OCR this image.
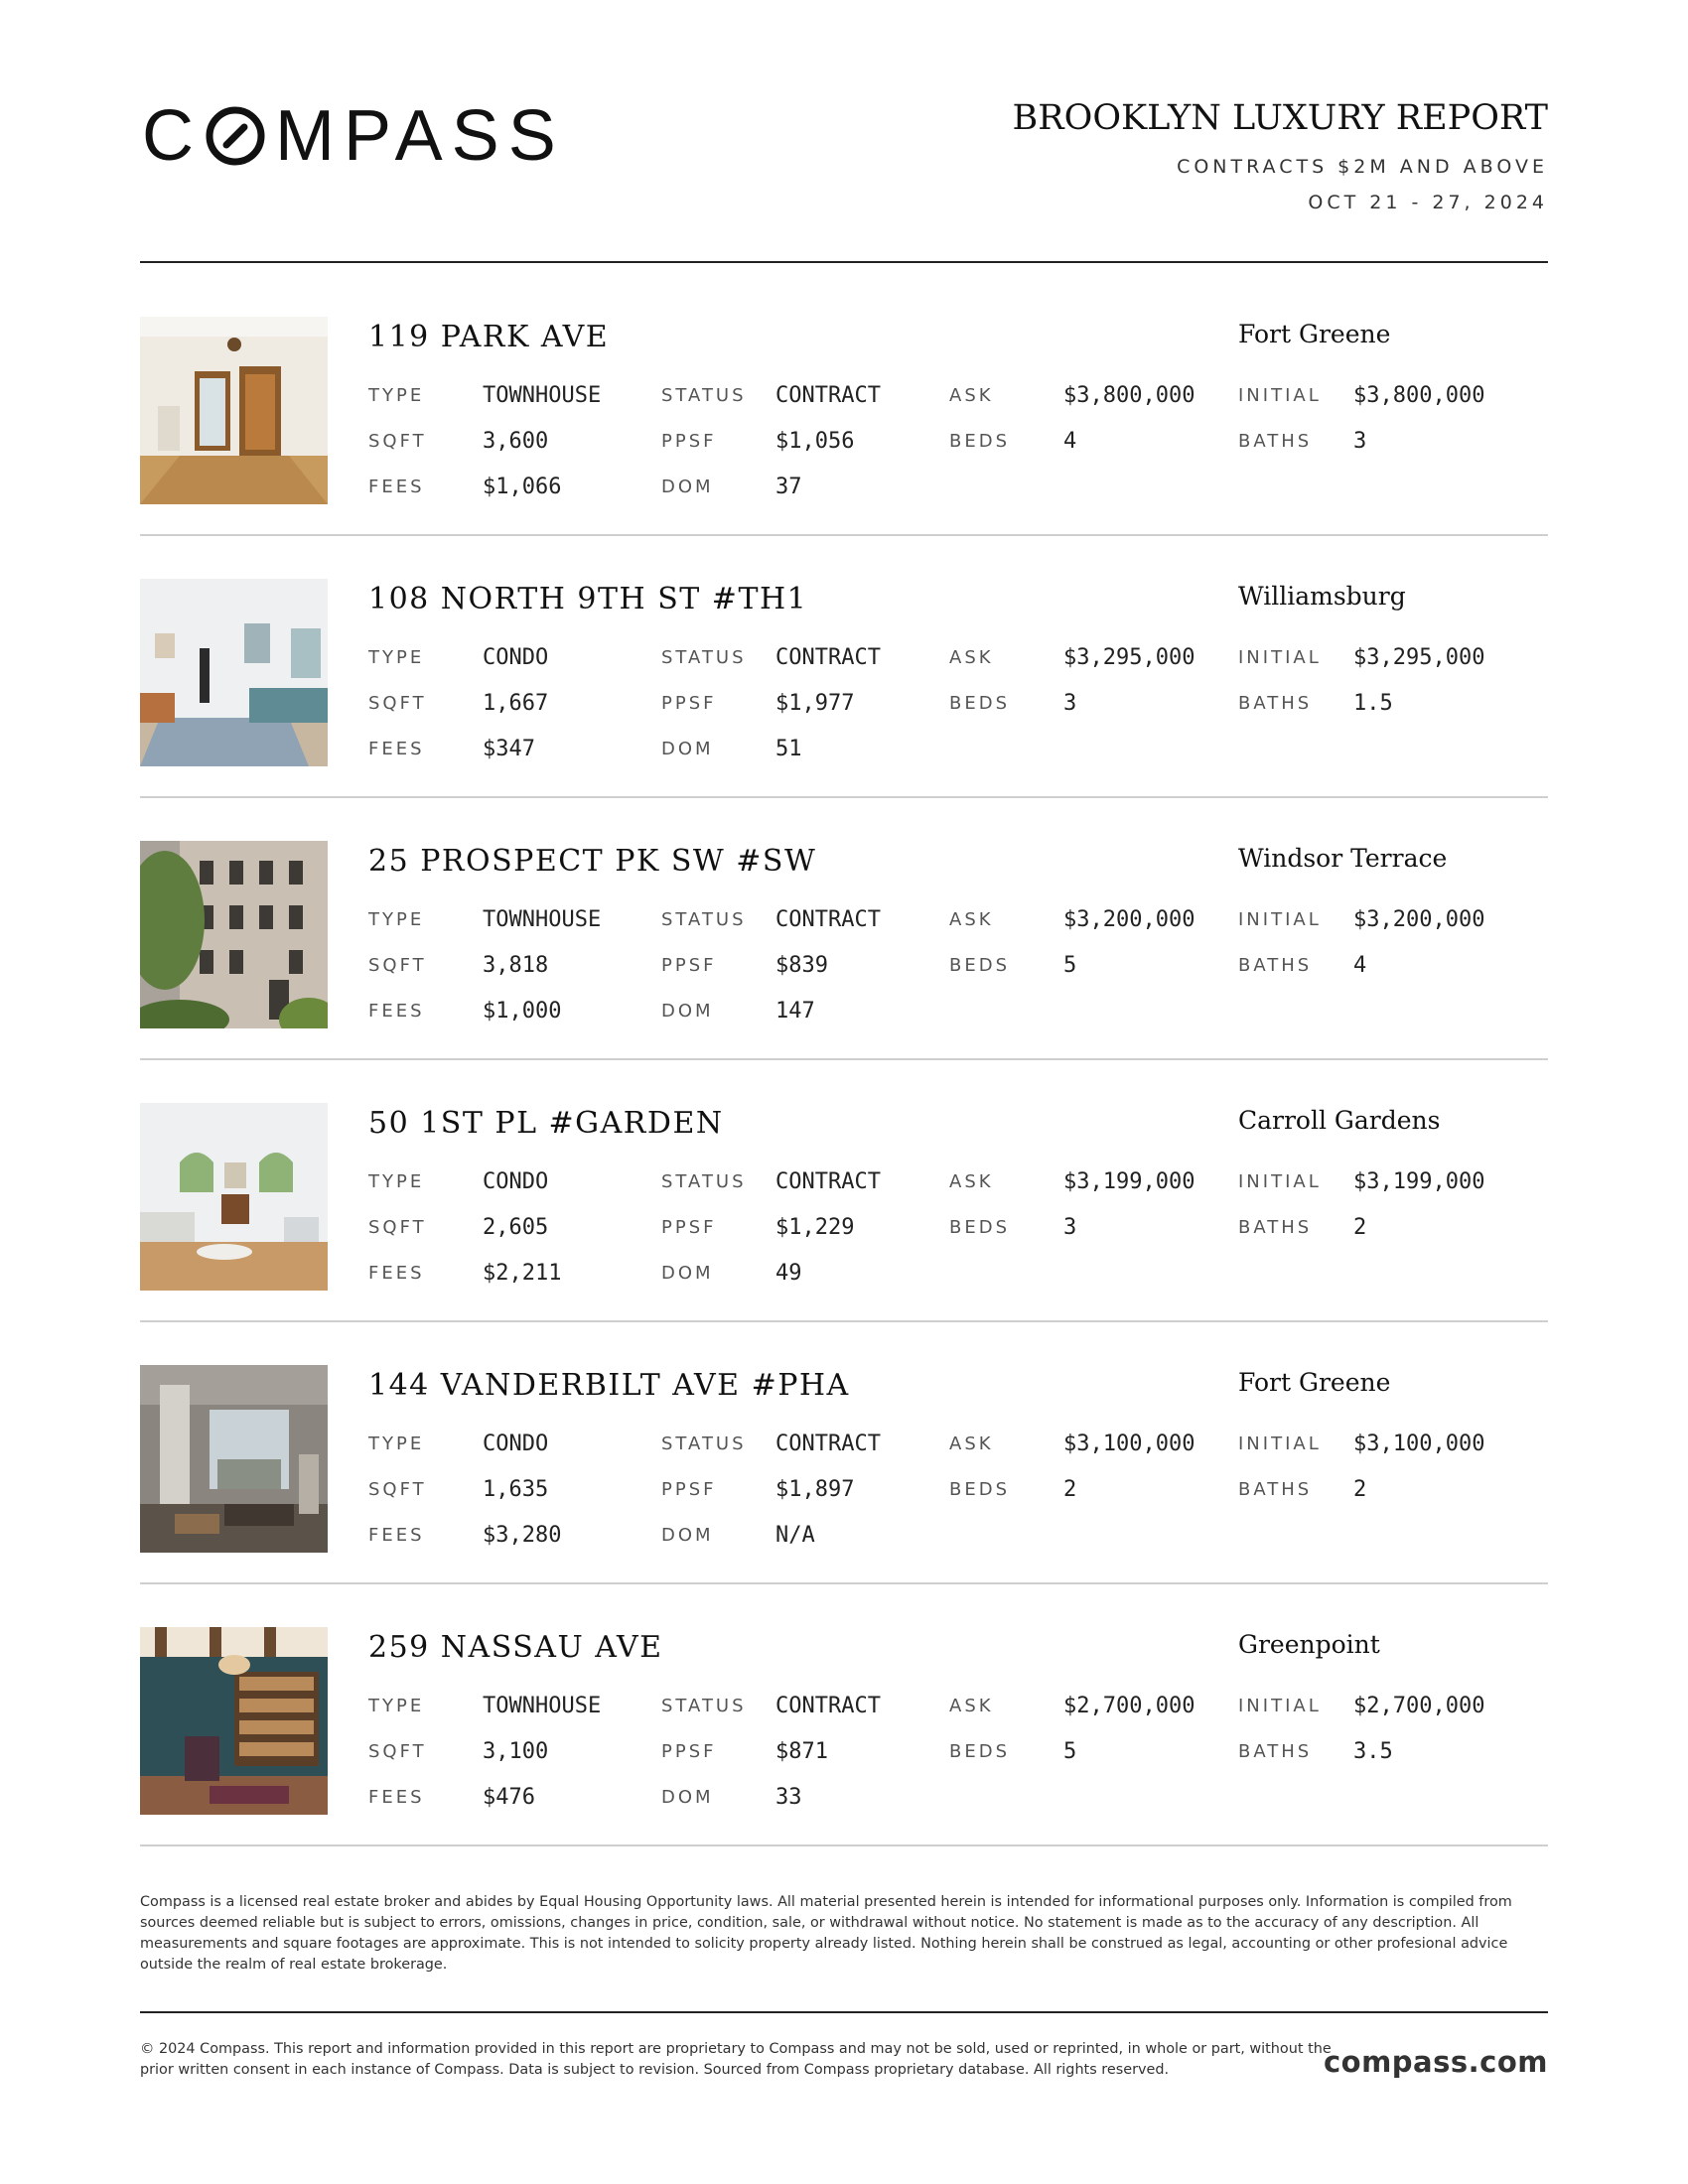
C MPASS	BROOKLYN LUXURY REPORT
CONTRACTS $2M AND ABOVE
OCT 21 - 27, 2024
119 PARK AVE	Fort Greene
TYPE	TOWNHOUSE	STATUS CONTRACT	ASK	$3,800,000 INITIAL $3,800,000
SQFT	3,600	PPSF	$1,056	BEDS 4	BATHS 3
FEES	$1,066	DOM	37
108 NORTH 9TH ST #TH1	Williamsburg
TYPE	CONDO	STATUS CONTRACT	ASK	$3,295,000 INITIAL $3,295,000
SQFT	1,667	PPSF	$1,977	BEDS 3	BATHS 1.5
FEES	$347	DOM	51
25 PROSPECT PK SW #SW	Windsor Terrace
TYPE	TOWNHOUSE	STATUS CONTRACT	ASK	$3,200,000 INITIAL $3,200,000
SQFT	3,818	PPSF	$839	BEDS 5	BATHS 4
FEES	$1,000	DOM	147
50 1ST PL #GARDEN	Carroll Gardens
TYPE	CONDO	STATUS CONTRACT	ASK	$3,199,000 INITIAL $3,199,000
SQFT	2,605	PPSF	$1,229	BEDS 3	BATHS 2
FEES	$2,211	DOM	49
144 VANDERBILT AVE #PHA	Fort Greene
TYPE	CONDO	STATUS CONTRACT	ASK	$3,100,000 INITIAL $3,100,000
SQFT	1,635	PPSF	$1,897	BEDS 2	BATHS 2
FEES	$3,280	DOM	N/A
259 NASSAU AVE	Greenpoint
TYPE	TOWNHOUSE	STATUS CONTRACT	ASK	$2,700,000 INITIAL $2,700,000
SQFT	3,100	PPSF	$871	BEDS 5	BATHS 3.5
FEES	$476	DOM	33
Compass is a licensed real estate broker and abides by Equal Housing Opportunity laws. All material presented herein is intended for informational purposes only. Information is compiled from sources deemed reliable but is subject to errors, omissions, changes in price, condition, sale, or withdrawal without notice. No statement is made as to the accuracy of any description. All measurements and square footages are approximate. This is not intended to solicity property already listed. Nothing herein shall be construed as legal, accounting or other profesional advice outside the realm of real estate brokerage.
© 2024 Compass. This report and information provided in this report are proprietary to Compass and may not be sold, used or reprinted, in whole or part, without the prior written consent in each instance of Compass. Data is subject to revision. Sourced from Compass proprietary database. All rights reserved.	compass.com
